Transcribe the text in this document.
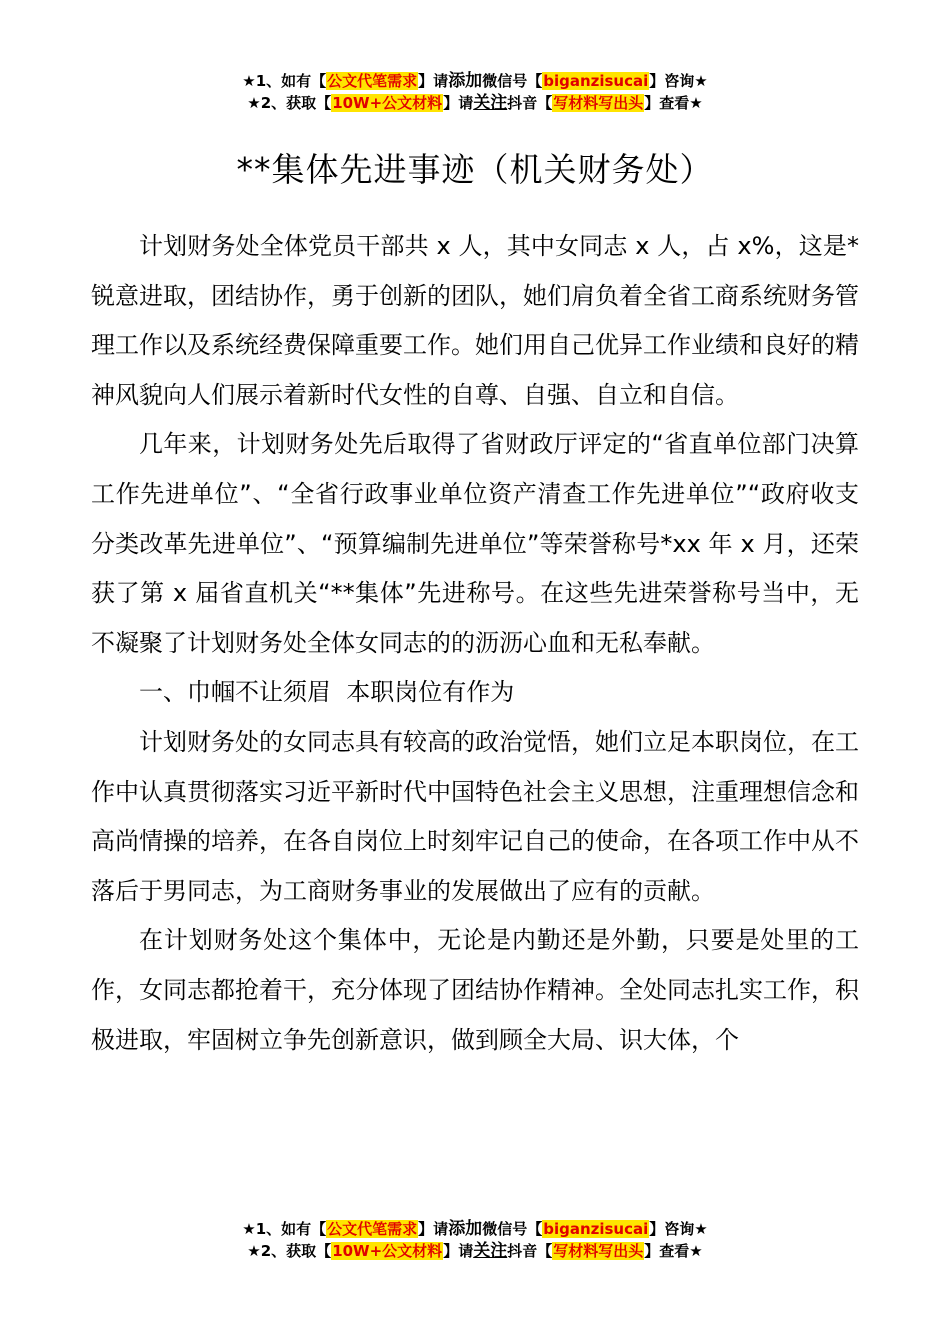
★1、如有【公文代笔需求】请添加微信号【biganzisucai】咨询★
★2、获取【10W+公文材料】请关注抖音【写材料写出头】查看★
**集体先进事迹（机关财务处）

计划财务处全体党员干部共 x 人，其中女同志 x 人，占 x%，这是*锐意进取，团结协作，勇于创新的团队，她们肩负着全省工商系统财务管理工作以及系统经费保障重要工作。她们用自己优异工作业绩和良好的精神风貌向人们展示着新时代女性的自尊、自强、自立和自信。

几年来，计划财务处先后取得了省财政厅评定的“省直单位部门决算工作先进单位”、“全省行政事业单位资产清查工作先进单位”“政府收支分类改革先进单位”、“预算编制先进单位”等荣誉称号*xx 年 x 月，还荣获了第 x 届省直机关“**集体”先进称号。在这些先进荣誉称号当中，无不凝聚了计划财务处全体女同志的的沥沥心血和无私奉献。

一、巾帼不让须眉  本职岗位有作为

计划财务处的女同志具有较高的政治觉悟，她们立足本职岗位，在工作中认真贯彻落实习近平新时代中国特色社会主义思想，注重理想信念和高尚情操的培养，在各自岗位上时刻牢记自己的使命，在各项工作中从不落后于男同志，为工商财务事业的发展做出了应有的贡献。

在计划财务处这个集体中，无论是内勤还是外勤，只要是处里的工作，女同志都抢着干，充分体现了团结协作精神。全处同志扎实工作，积极进取，牢固树立争先创新意识，做到顾全大局、识大体，个

★1、如有【公文代笔需求】请添加微信号【biganzisucai】咨询★
★2、获取【10W+公文材料】请关注抖音【写材料写出头】查看★
